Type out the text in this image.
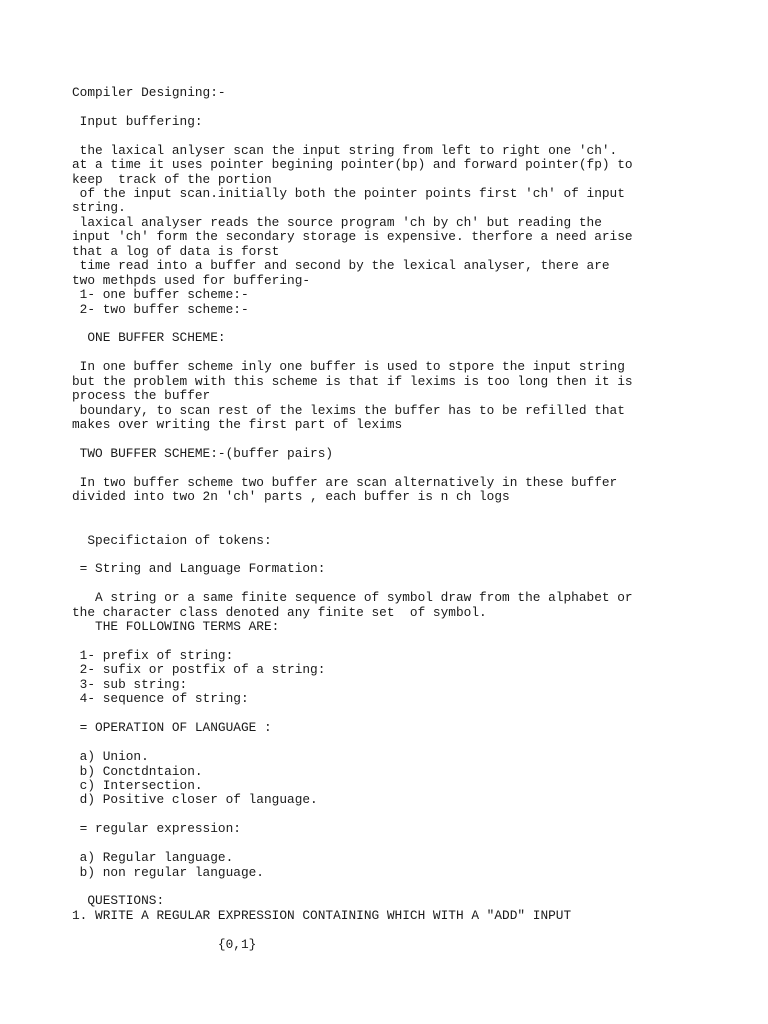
Compiler Designing:-
Input buffering:
the laxical anlyser scan the input string from left to right one 'ch'.
at a time it uses pointer begining pointer(bp) and forward pointer(fp) to
keep  track of the portion
of the input scan.initially both the pointer points first 'ch' of input
string.
laxical analyser reads the source program 'ch by ch' but reading the
input 'ch' form the secondary storage is expensive. therfore a need arise
that a log of data is forst
time read into a buffer and second by the lexical analyser, there are
two methpds used for buffering-
1- one buffer scheme:-
2- two buffer scheme:-
ONE BUFFER SCHEME:
In one buffer scheme inly one buffer is used to stpore the input string
but the problem with this scheme is that if lexims is too long then it is
process the buffer
boundary, to scan rest of the lexims the buffer has to be refilled that
makes over writing the first part of lexims
TWO BUFFER SCHEME:-(buffer pairs)
In two buffer scheme two buffer are scan alternatively in these buffer
divided into two 2n 'ch' parts , each buffer is n ch logs
Specifictaion of tokens:
= String and Language Formation:
A string or a same finite sequence of symbol draw from the alphabet or
the character class denoted any finite set  of symbol.
THE FOLLOWING TERMS ARE:
1- prefix of string:
2- sufix or postfix of a string:
3- sub string:
4- sequence of string:
= OPERATION OF LANGUAGE :
a) Union.
b) Conctdntaion.
c) Intersection.
d) Positive closer of language.
= regular expression:
a) Regular language.
b) non regular language.
QUESTIONS:
1. WRITE A REGULAR EXPRESSION CONTAINING WHICH WITH A "ADD" INPUT
{0,1}
